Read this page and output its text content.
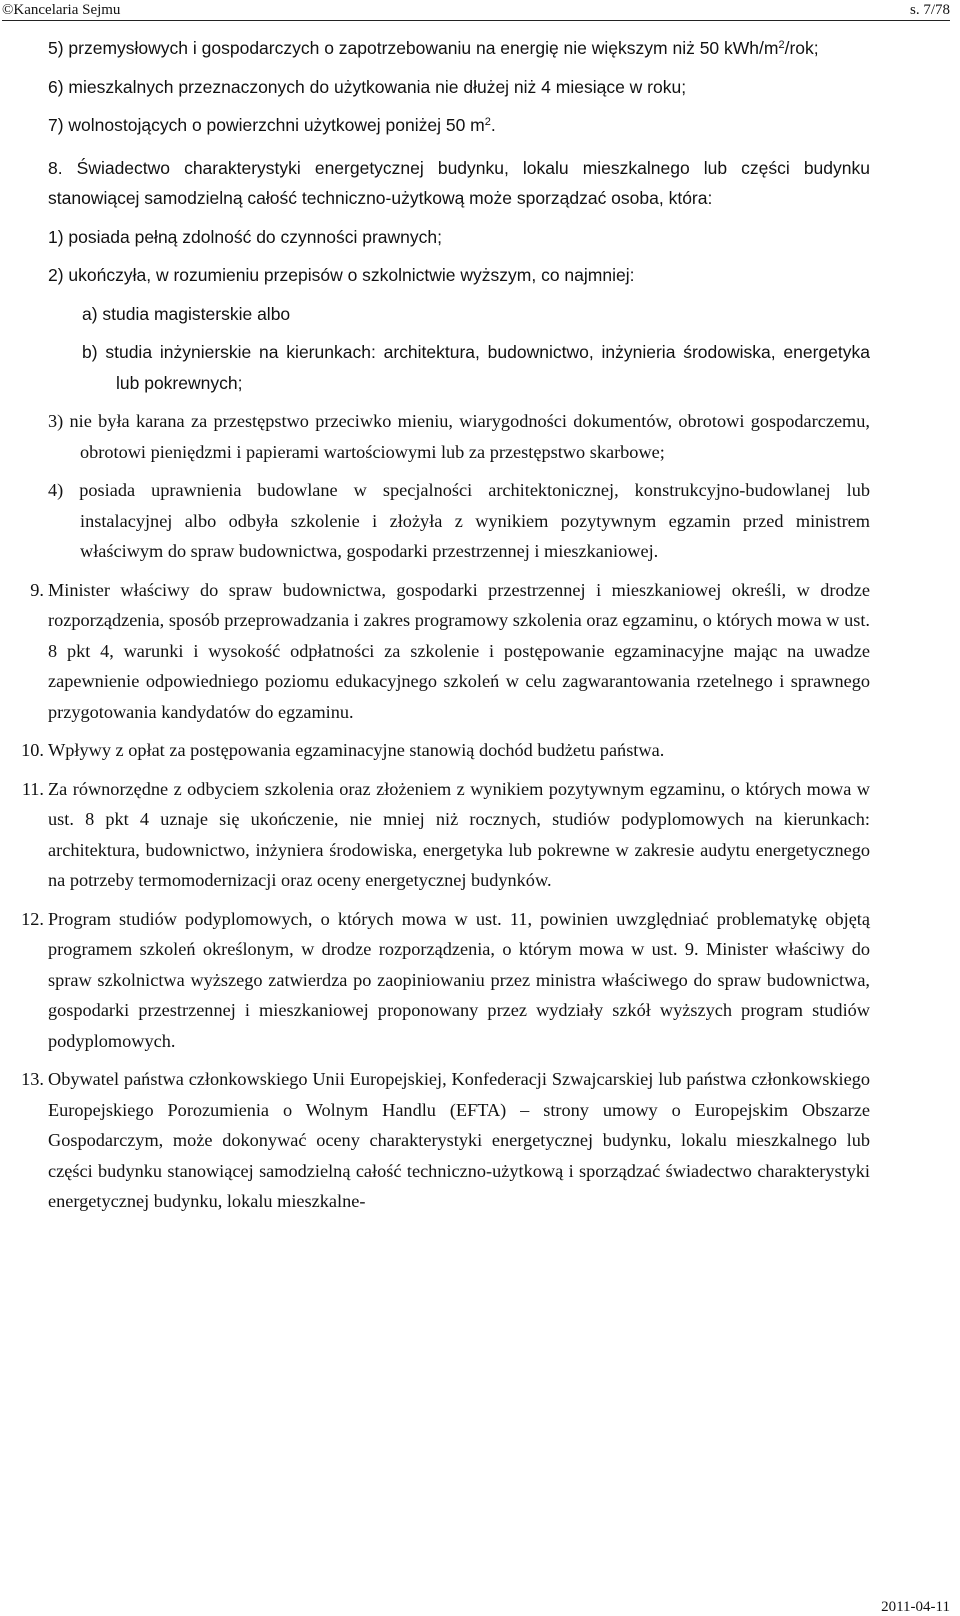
©Kancelaria Sejmu	s. 7/78

5) przemysłowych i gospodarczych o zapotrzebowaniu na energię nie większym niż 50 kWh/$m^2$/rok;

6) mieszkalnych przeznaczonych do użytkowania nie dłużej niż 4 miesiące w roku;

7) wolnostojących o powierzchni użytkowej poniżej 50 $m^2$.

8. Świadectwo charakterystyki energetycznej budynku, lokalu mieszkalnego lub części budynku stanowiącej samodzielną całość techniczno-użytkową może sporządzać osoba, która:

1) posiada pełną zdolność do czynności prawnych;

2) ukończyła, w rozumieniu przepisów o szkolnictwie wyższym, co najmniej:

a) studia magisterskie albo

b) studia inżynierskie na kierunkach: architektura, budownictwo, inżynieria środowiska, energetyka lub pokrewnych;

3) nie była karana za przestępstwo przeciwko mieniu, wiarygodności dokumentów, obrotowi gospodarczemu, obrotowi pieniędzmi i papierami wartościowymi lub za przestępstwo skarbowe;

4) posiada uprawnienia budowlane w specjalności architektonicznej, konstrukcyjno-budowlanej lub instalacyjnej albo odbyła szkolenie i złożyła z wynikiem pozytywnym egzamin przed ministrem właściwym do spraw budownictwa, gospodarki przestrzennej i mieszkaniowej.

9. Minister właściwy do spraw budownictwa, gospodarki przestrzennej i mieszkaniowej określi, w drodze rozporządzenia, sposób przeprowadzania i zakres programowy szkolenia oraz egzaminu, o których mowa w ust. 8 pkt 4, warunki i wysokość odpłatności za szkolenie i postępowanie egzaminacyjne mając na uwadze zapewnienie odpowiedniego poziomu edukacyjnego szkoleń w celu zagwarantowania rzetelnego i sprawnego przygotowania kandydatów do egzaminu.

10. Wpływy z opłat za postępowania egzaminacyjne stanowią dochód budżetu państwa.

11. Za równorzędne z odbyciem szkolenia oraz złożeniem z wynikiem pozytywnym egzaminu, o których mowa w ust. 8 pkt 4 uznaje się ukończenie, nie mniej niż rocznych, studiów podyplomowych na kierunkach: architektura, budownictwo, inżyniera środowiska, energetyka lub pokrewne w zakresie audytu energetycznego na potrzeby termomodernizacji oraz oceny energetycznej budynków.

12. Program studiów podyplomowych, o których mowa w ust. 11, powinien uwzględniać problematykę objętą programem szkoleń określonym, w drodze rozporządzenia, o którym mowa w ust. 9. Minister właściwy do spraw szkolnictwa wyższego zatwierdza po zaopiniowaniu przez ministra właściwego do spraw budownictwa, gospodarki przestrzennej i mieszkaniowej proponowany przez wydziały szkół wyższych program studiów podyplomowych.

13. Obywatel państwa członkowskiego Unii Europejskiej, Konfederacji Szwajcarskiej lub państwa członkowskiego Europejskiego Porozumienia o Wolnym Handlu (EFTA) – strony umowy o Europejskim Obszarze Gospodarczym, może dokonywać oceny charakterystyki energetycznej budynku, lokalu mieszkalnego lub części budynku stanowiącej samodzielną całość techniczno-użytkową i sporządzać świadectwo charakterystyki energetycznej budynku, lokalu mieszkalne-

2011-04-11
